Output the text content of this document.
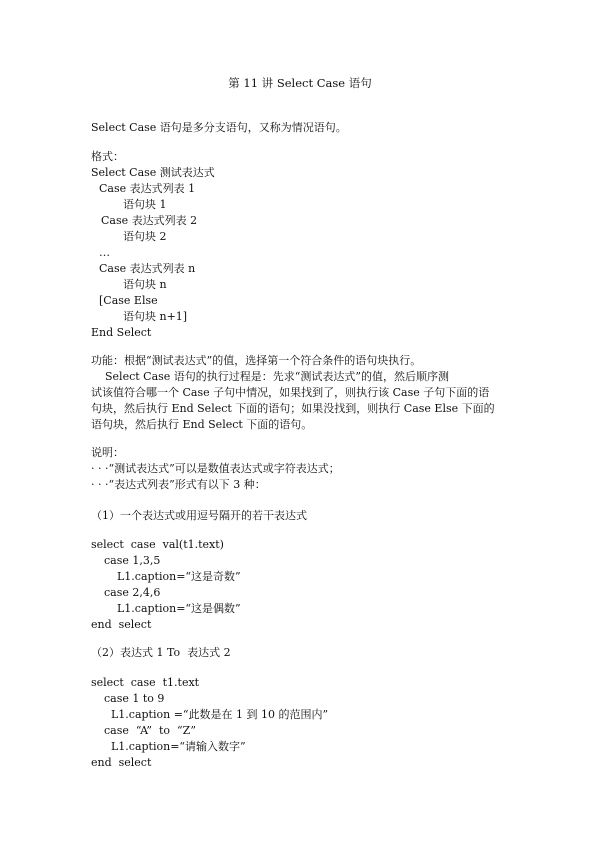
第 11 讲 Select Case 语句
Select Case 语句是多分支语句，又称为情况语句。
格式：
Select Case 测试表达式
Case 表达式列表 1
语句块 1
Case 表达式列表 2
语句块 2
…
Case 表达式列表 n
语句块 n
[Case Else
语句块 n+1]
End Select
功能：根据“测试表达式”的值，选择第一个符合条件的语句块执行。
Select Case 语句的执行过程是：先求“测试表达式”的值，然后顺序测
试该值符合哪一个 Case 子句中情况，如果找到了，则执行该 Case 子句下面的语
句块，然后执行 End Select 下面的语句；如果没找到，则执行 Case Else 下面的
语句块，然后执行 End Select 下面的语句。
说明：
· · ·“测试表达式”可以是数值表达式或字符表达式；
· · ·“表达式列表”形式有以下 3 种：
（1）一个表达式或用逗号隔开的若干表达式
select  case  val(t1.text)
case 1,3,5
L1.caption=“这是奇数”
case 2,4,6
L1.caption=“这是偶数”
end  select
（2）表达式 1 To  表达式 2
select  case  t1.text
case 1 to 9
L1.caption =“此数是在 1 到 10 的范围内”
case  “A”  to  “Z”
L1.caption=“请输入数字”
end  select
